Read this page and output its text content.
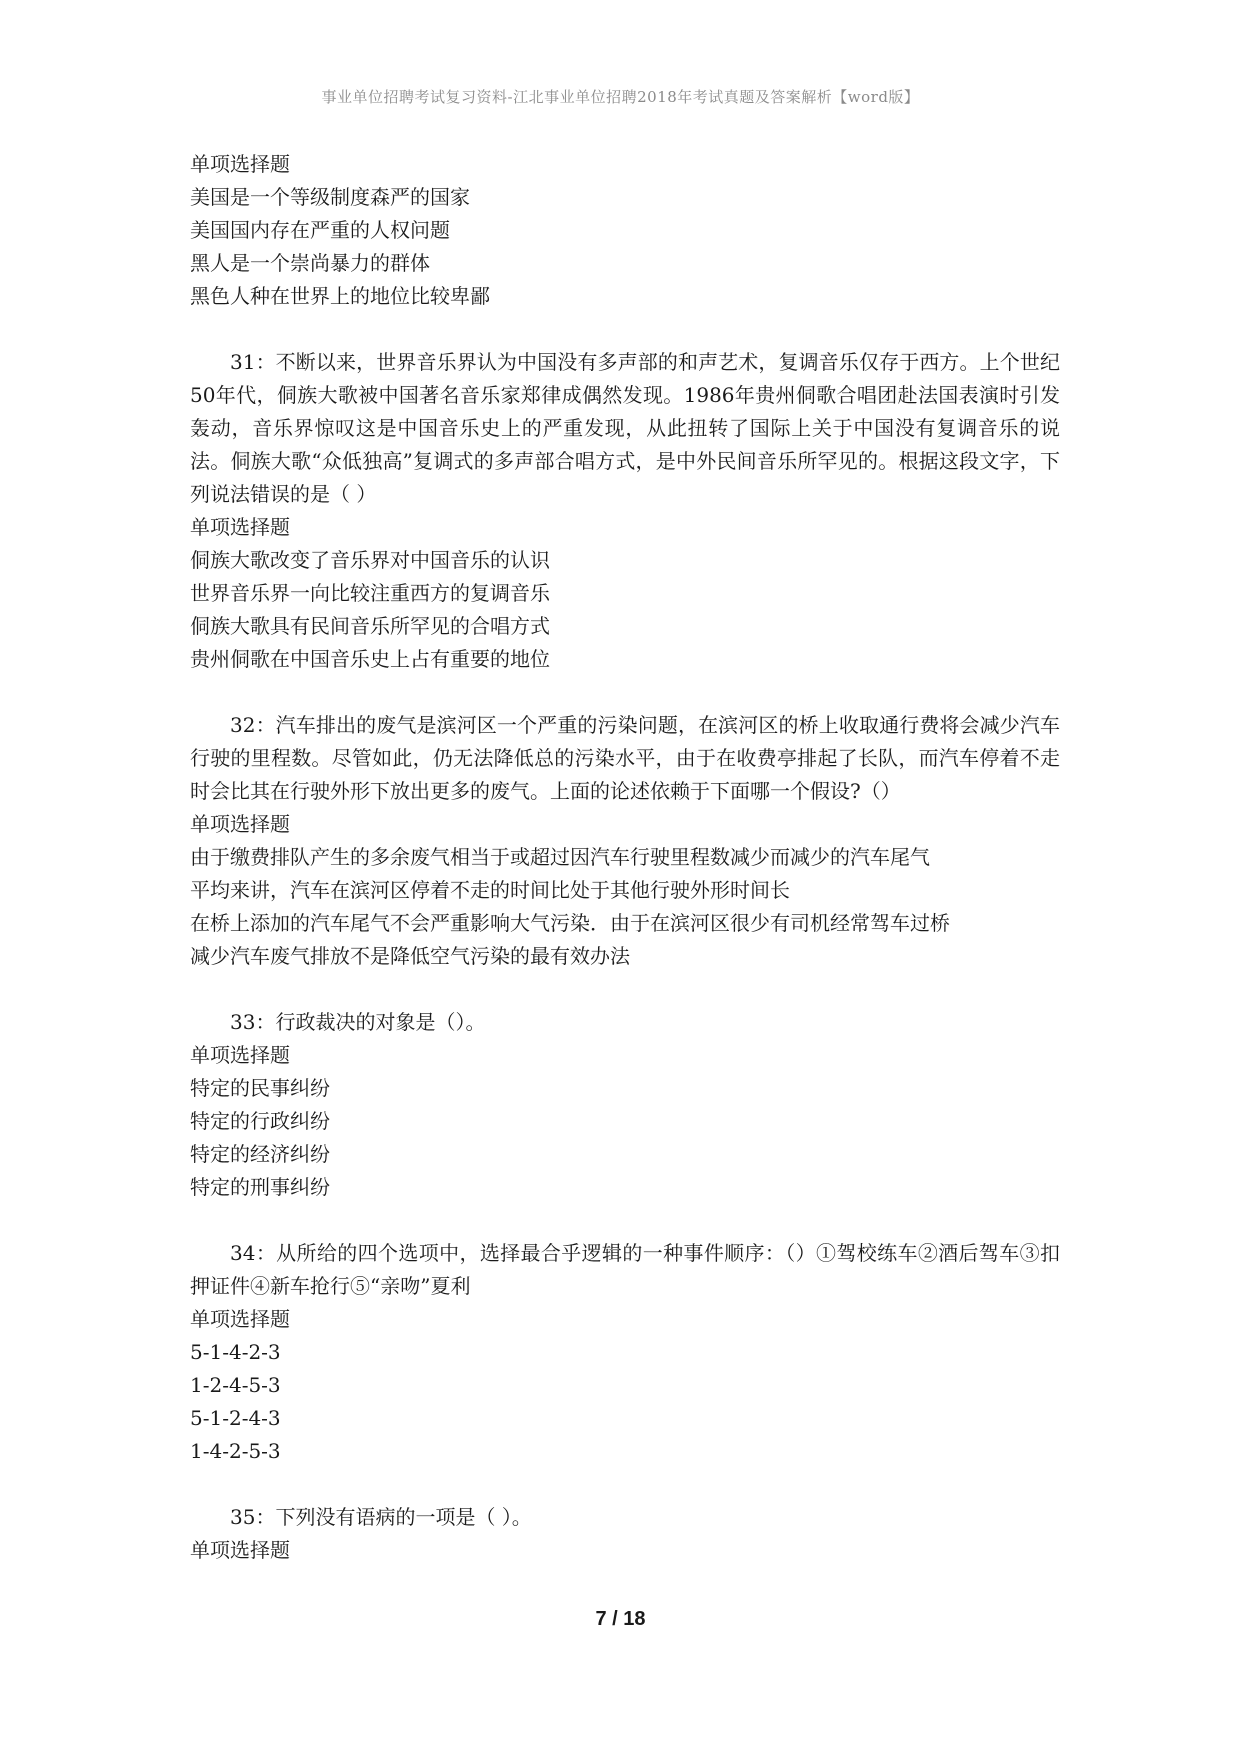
事业单位招聘考试复习资料-江北事业单位招聘2018年考试真题及答案解析【word版】
单项选择题
美国是一个等级制度森严的国家
美国国内存在严重的人权问题
黑人是一个崇尚暴力的群体
黑色人种在世界上的地位比较卑鄙
31：不断以来，世界音乐界认为中国没有多声部的和声艺术，复调音乐仅存于西方。上个世纪50年代，侗族大歌被中国著名音乐家郑律成偶然发现。1986年贵州侗歌合唱团赴法国表演时引发轰动，音乐界惊叹这是中国音乐史上的严重发现，从此扭转了国际上关于中国没有复调音乐的说法。侗族大歌“众低独高”复调式的多声部合唱方式，是中外民间音乐所罕见的。根据这段文字，下列说法错误的是（ ）
单项选择题
侗族大歌改变了音乐界对中国音乐的认识
世界音乐界一向比较注重西方的复调音乐
侗族大歌具有民间音乐所罕见的合唱方式
贵州侗歌在中国音乐史上占有重要的地位
32：汽车排出的废气是滨河区一个严重的污染问题，在滨河区的桥上收取通行费将会减少汽车行驶的里程数。尽管如此，仍无法降低总的污染水平，由于在收费亭排起了长队，而汽车停着不走时会比其在行驶外形下放出更多的废气。上面的论述依赖于下面哪一个假设?（）
单项选择题
由于缴费排队产生的多余废气相当于或超过因汽车行驶里程数减少而减少的汽车尾气
平均来讲，汽车在滨河区停着不走的时间比处于其他行驶外形时间长
在桥上添加的汽车尾气不会严重影响大气污染．由于在滨河区很少有司机经常驾车过桥
减少汽车废气排放不是降低空气污染的最有效办法
33：行政裁决的对象是（）。
单项选择题
特定的民事纠纷
特定的行政纠纷
特定的经济纠纷
特定的刑事纠纷
34：从所给的四个选项中，选择最合乎逻辑的一种事件顺序：（）①驾校练车②酒后驾车③扣押证件④新车抢行⑤“亲吻”夏利
单项选择题
5-1-4-2-3
1-2-4-5-3
5-1-2-4-3
1-4-2-5-3
35：下列没有语病的一项是（ ）。
单项选择题
7 / 18
